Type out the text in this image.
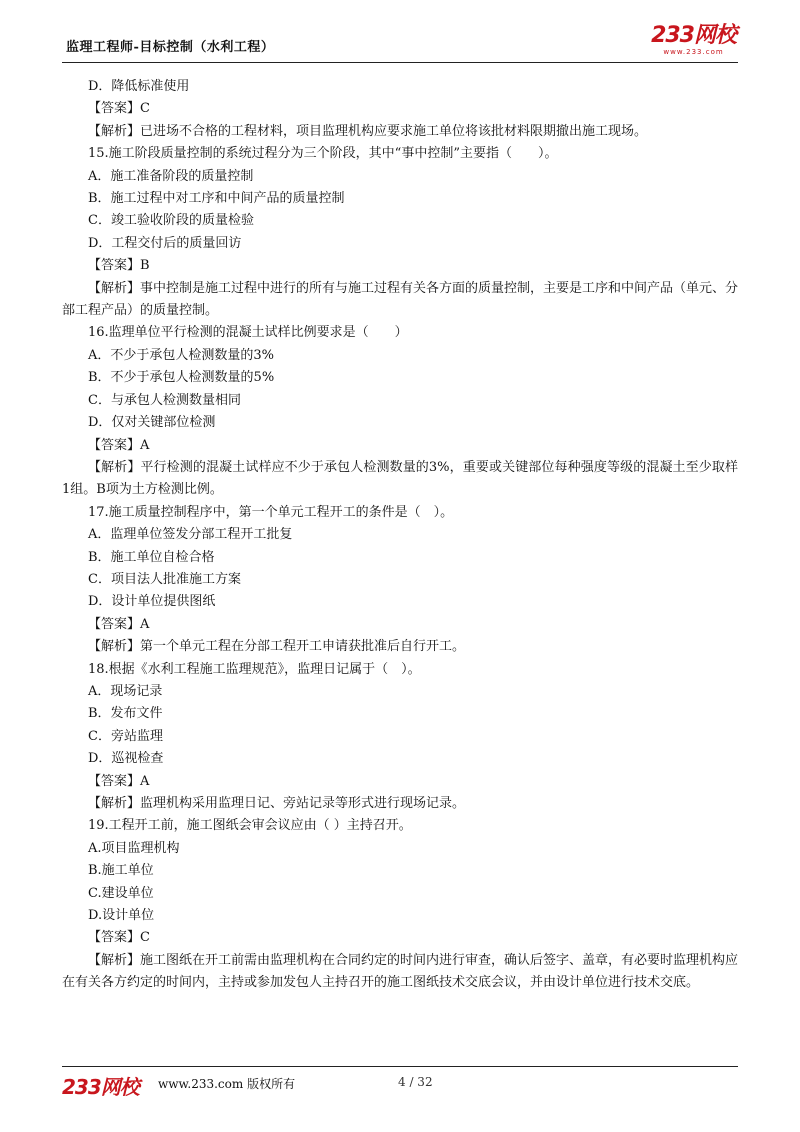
监理工程师-目标控制（水利工程）	233网校
www.233.com
D．降低标准使用
【答案】C
【解析】已进场不合格的工程材料，项目监理机构应要求施工单位将该批材料限期撤出施工现场。
15.施工阶段质量控制的系统过程分为三个阶段，其中“事中控制”主要指（　　）。
A．施工准备阶段的质量控制
B．施工过程中对工序和中间产品的质量控制
C．竣工验收阶段的质量检验
D．工程交付后的质量回访
【答案】B
【解析】事中控制是施工过程中进行的所有与施工过程有关各方面的质量控制，主要是工序和中间产品（单元、分部工程产品）的质量控制。
16.监理单位平行检测的混凝土试样比例要求是（　　）
A．不少于承包人检测数量的3%
B．不少于承包人检测数量的5%
C．与承包人检测数量相同
D．仅对关键部位检测
【答案】A
【解析】平行检测的混凝土试样应不少于承包人检测数量的3%，重要或关键部位每种强度等级的混凝土至少取样1组。B项为土方检测比例。
17.施工质量控制程序中，第一个单元工程开工的条件是（　）。
A．监理单位签发分部工程开工批复
B．施工单位自检合格
C．项目法人批准施工方案
D．设计单位提供图纸
【答案】A
【解析】第一个单元工程在分部工程开工申请获批准后自行开工。
18.根据《水利工程施工监理规范》，监理日记属于（　）。
A．现场记录
B．发布文件
C．旁站监理
D．巡视检查
【答案】A
【解析】监理机构采用监理日记、旁站记录等形式进行现场记录。
19.工程开工前，施工图纸会审会议应由（ ）主持召开。
A.项目监理机构
B.施工单位
C.建设单位
D.设计单位
【答案】C
【解析】施工图纸在开工前需由监理机构在合同约定的时间内进行审查，确认后签字、盖章，有必要时监理机构应在有关各方约定的时间内，主持或参加发包人主持召开的施工图纸技术交底会议，并由设计单位进行技术交底。
233网校 www.233.com 版权所有	4 / 32
